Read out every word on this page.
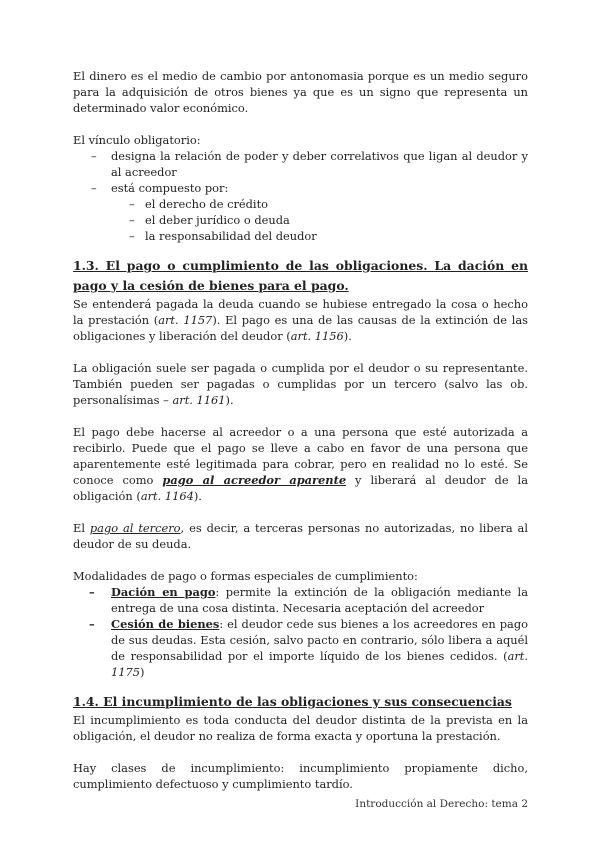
El dinero es el medio de cambio por antonomasia porque es un medio seguro para la adquisición de otros bienes ya que es un signo que representa un determinado valor económico.

El vínculo obligatorio:

– designa la relación de poder y deber correlativos que ligan al deudor y al acreedor
– está compuesto por:
– el derecho de crédito
– el deber jurídico o deuda
– la responsabilidad del deudor

1.3. El pago o cumplimiento de las obligaciones. La dación en pago y la cesión de bienes para el pago.

Se entenderá pagada la deuda cuando se hubiese entregado la cosa o hecho la prestación (art. 1157). El pago es una de las causas de la extinción de las obligaciones y liberación del deudor (art. 1156).

La obligación suele ser pagada o cumplida por el deudor o su representante. También pueden ser pagadas o cumplidas por un tercero (salvo las ob. personalísimas – art. 1161).

El pago debe hacerse al acreedor o a una persona que esté autorizada a recibirlo. Puede que el pago se lleve a cabo en favor de una persona que aparentemente esté legitimada para cobrar, pero en realidad no lo esté. Se conoce como pago al acreedor aparente y liberará al deudor de la obligación (art. 1164).

El pago al tercero, es decir, a terceras personas no autorizadas, no libera al deudor de su deuda.

Modalidades de pago o formas especiales de cumplimiento:

– Dación en pago: permite la extinción de la obligación mediante la entrega de una cosa distinta. Necesaria aceptación del acreedor
– Cesión de bienes: el deudor cede sus bienes a los acreedores en pago de sus deudas. Esta cesión, salvo pacto en contrario, sólo libera a aquél de responsabilidad por el importe líquido de los bienes cedidos. (art. 1175)

1.4. El incumplimiento de las obligaciones y sus consecuencias

El incumplimiento es toda conducta del deudor distinta de la prevista en la obligación, el deudor no realiza de forma exacta y oportuna la prestación.

Hay clases de incumplimiento: incumplimiento propiamente dicho, cumplimiento defectuoso y cumplimiento tardío.

Introducción al Derecho: tema 2
